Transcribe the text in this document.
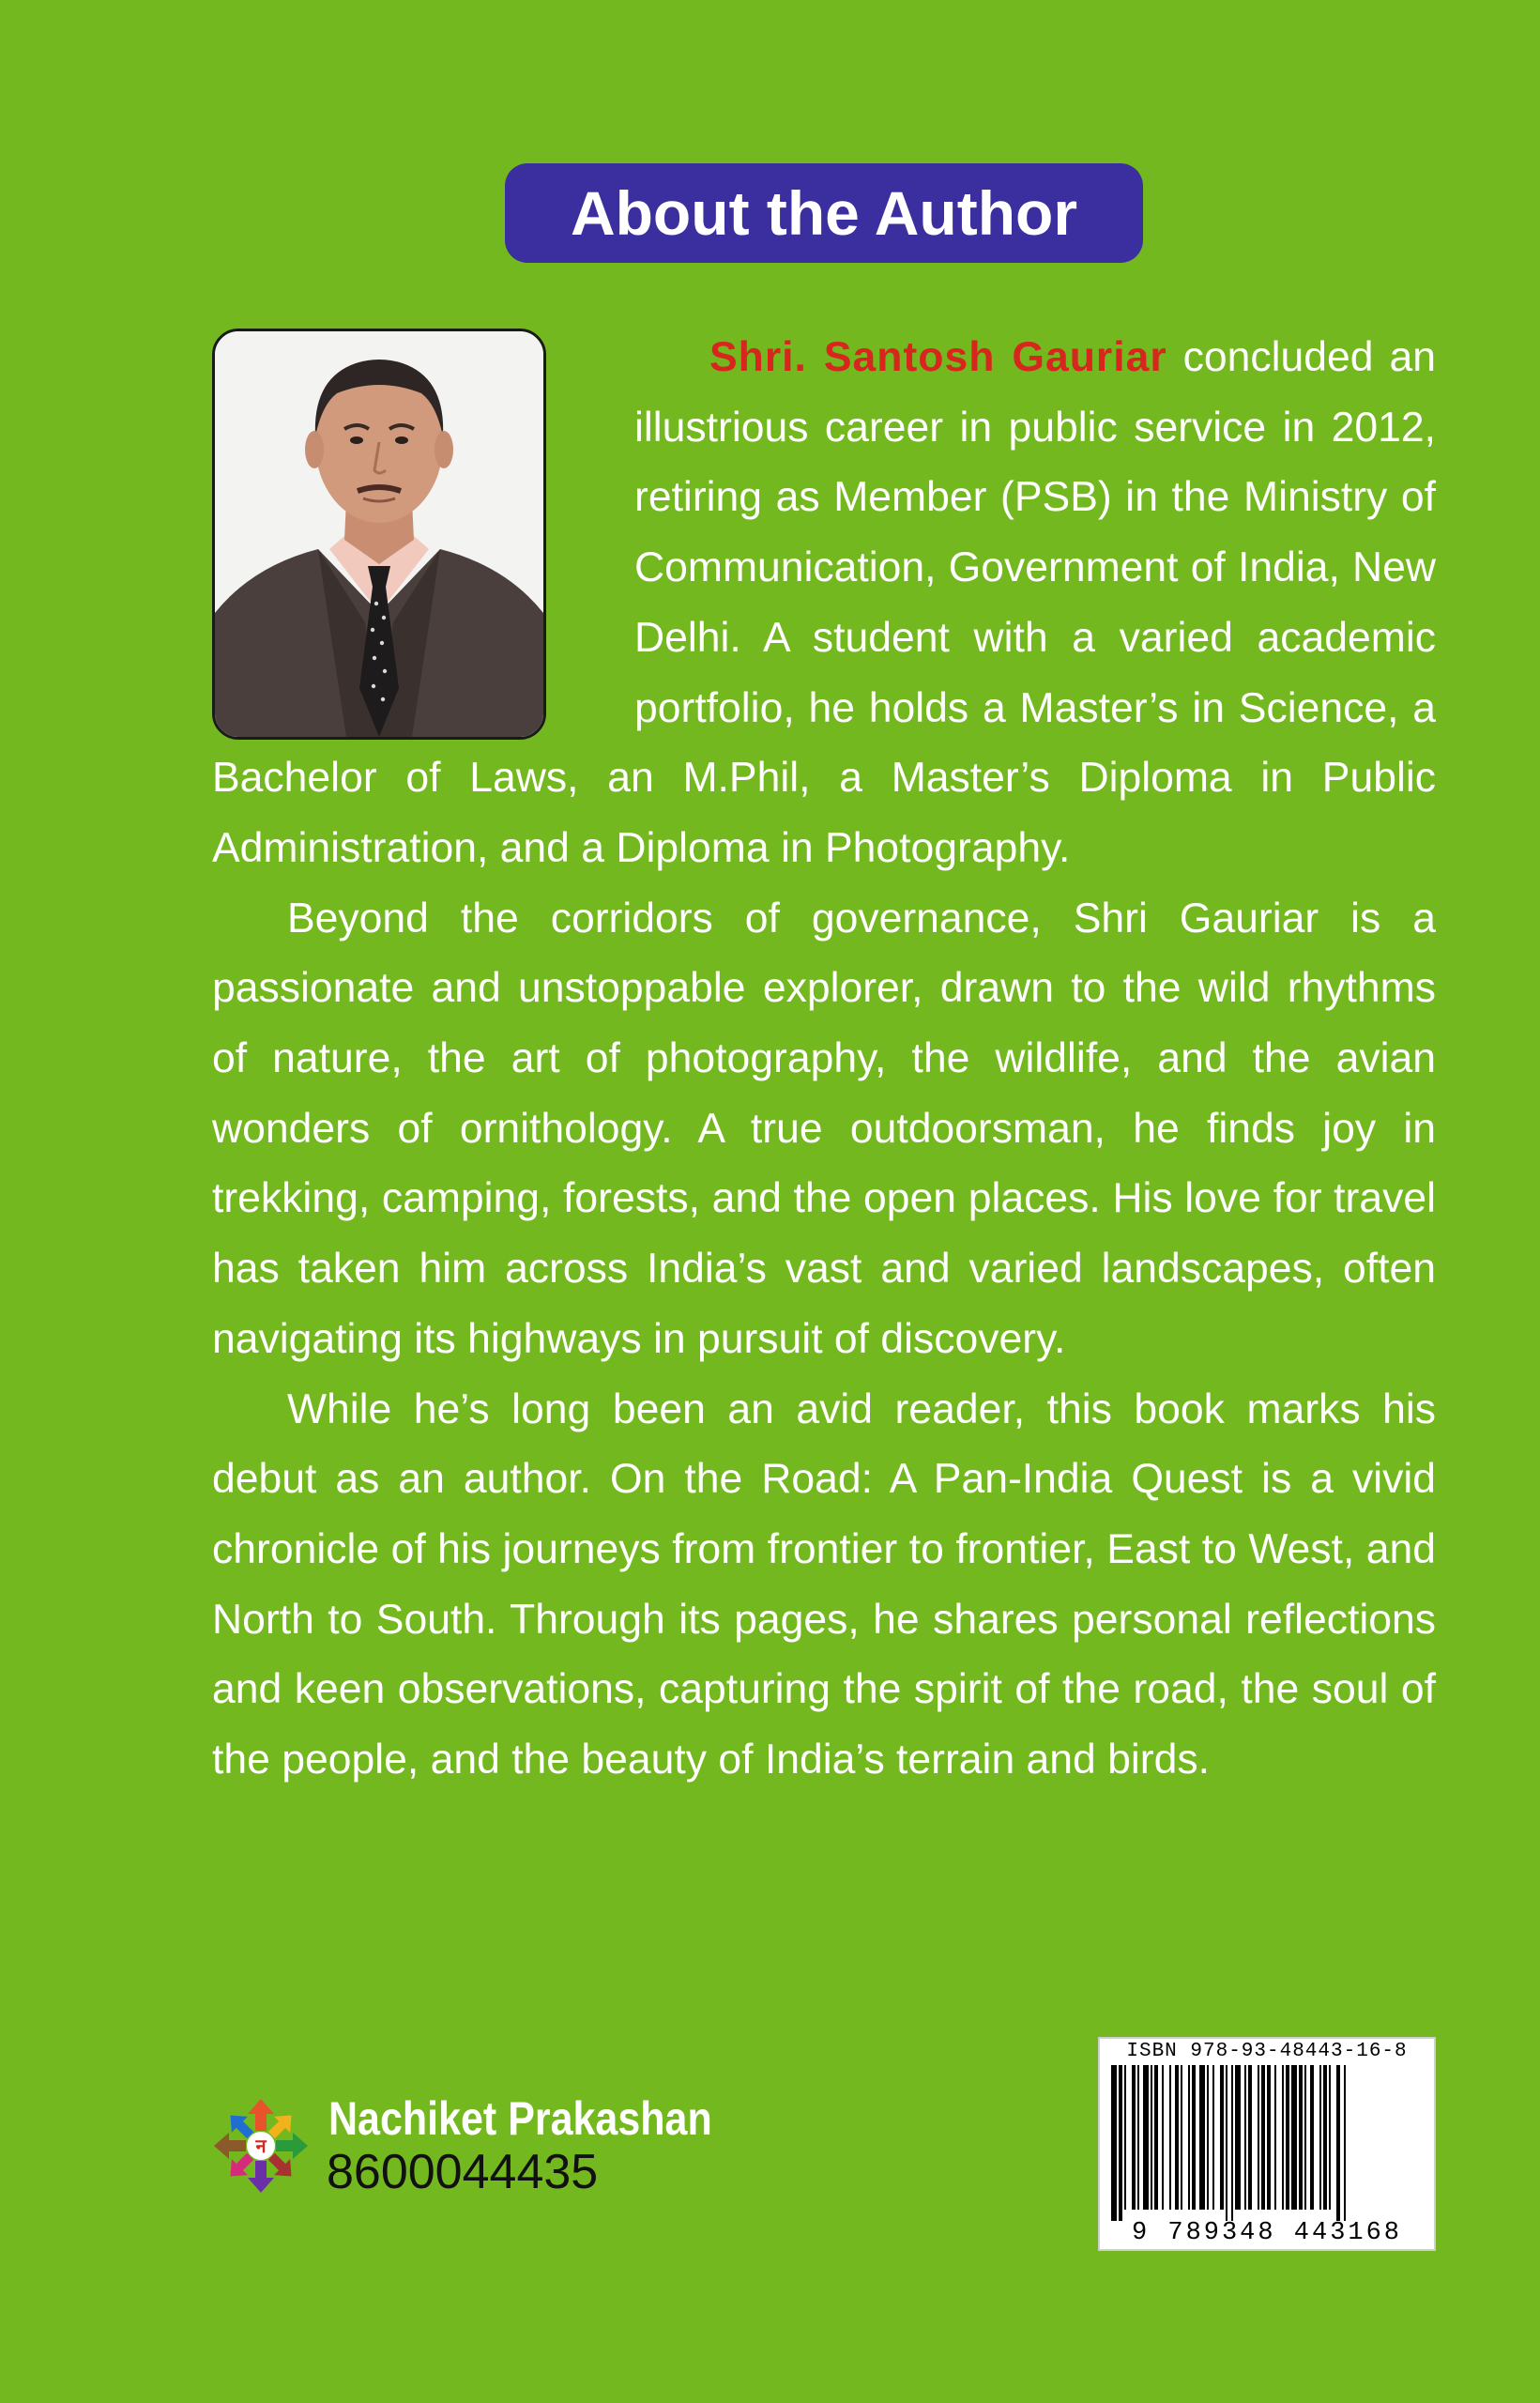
About the Author

Shri. Santosh Gauriar concluded an illustrious career in public service in 2012, retiring as Member (PSB) in the Ministry of Communication, Government of India, New Delhi. A student with a varied academic portfolio, he holds a Master’s in Science, a Bachelor of Laws, an M.Phil, a Master’s Diploma in Public Administration, and a Diploma in Photography.

Beyond the corridors of governance, Shri Gauriar is a passionate and unstoppable explorer, drawn to the wild rhythms of nature, the art of photography, the wildlife, and the avian wonders of ornithology. A true outdoorsman, he finds joy in trekking, camping, forests, and the open places. His love for travel has taken him across India’s vast and varied landscapes, often navigating its highways in pursuit of discovery.

While he’s long been an avid reader, this book marks his debut as an author. On the Road: A Pan-India Quest is a vivid chronicle of his journeys from frontier to frontier, East to West, and North to South. Through its pages, he shares personal reflections and keen observations, capturing the spirit of the road, the soul of the people, and the beauty of India’s terrain and birds.

न
Nachiket Prakashan
8600044435
ISBN 978-93-48443-16-8
9 789348 443168
